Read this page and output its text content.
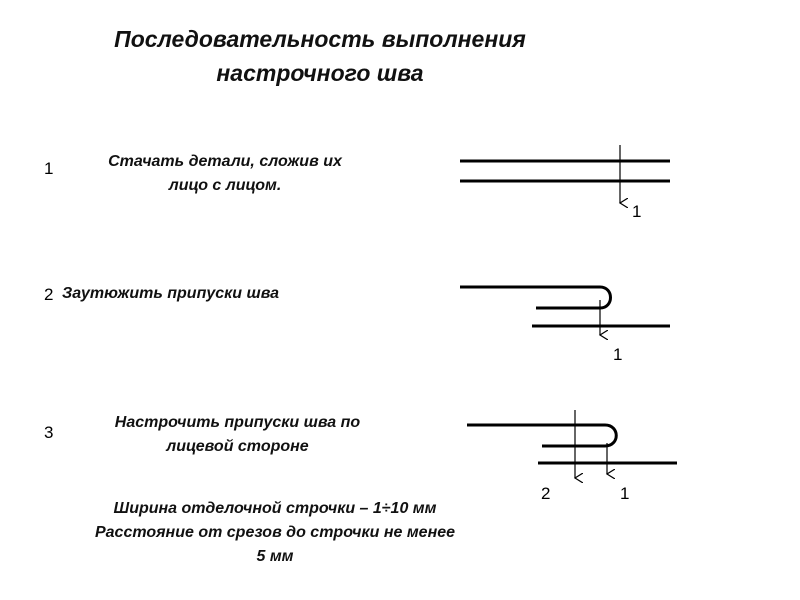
Последовательность выполнения
настрочного шва
1	Стачать детали, сложив их
лицо с лицом.
2 Заутюжить припуски шва
3
Настрочить припуски шва по
лицевой стороне
Ширина отделочной строчки – 1÷10 мм
Расстояние от срезов до строчки не менее
5 мм
1
1
2	1
